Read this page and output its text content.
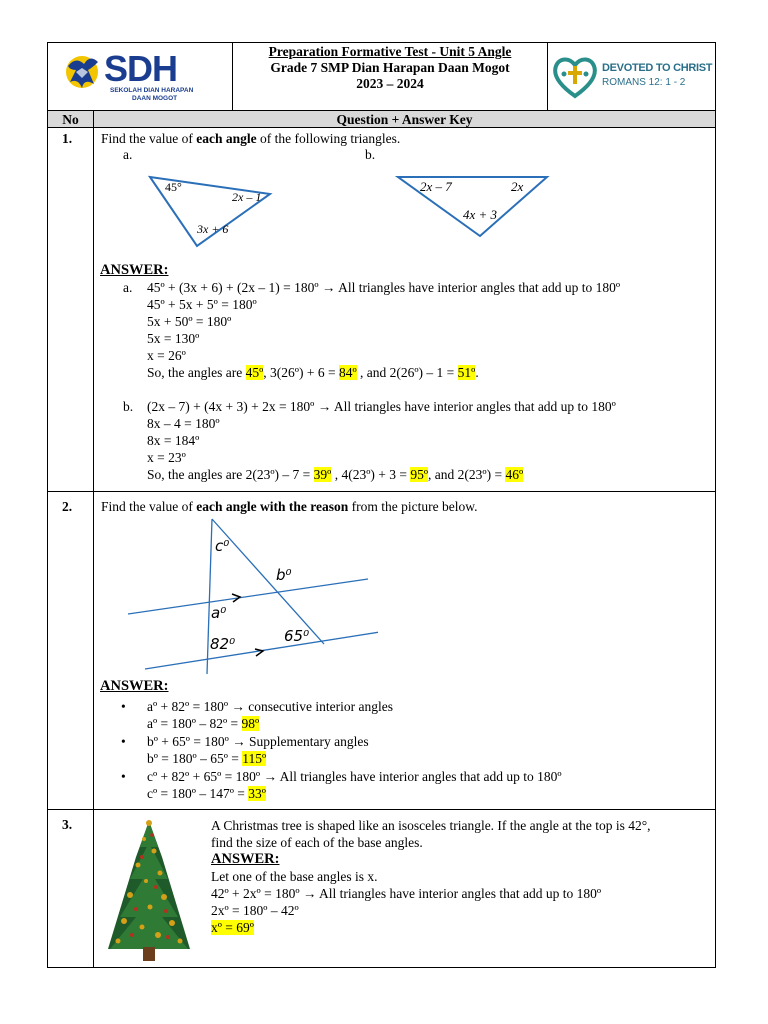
SDH
SEKOLAH DIAN HARAPAN
DAAN MOGOT
Preparation Formative Test - Unit 5 Angle
Grade 7 SMP Dian Harapan Daan Mogot
2023 – 2024
DEVOTED TO CHRIST
ROMANS 12: 1 - 2
No	Question + Answer Key
1. Find the value of each angle of the following triangles.
a.	b.
45°
2x – 1
3x + 6
2x – 7	2x
4x + 3
ANSWER:
a. 45º + (3x + 6) + (2x – 1) = 180º → All triangles have interior angles that add up to 180º
45º + 5x + 5º = 180º
5x + 50º = 180º
5x = 130º
x = 26º
So, the angles are 45º, 3(26º) + 6 = 84º , and 2(26º) – 1 = 51º.
b. (2x – 7) + (4x + 3) + 2x = 180º → All triangles have interior angles that add up to 180º
8x – 4 = 180º
8x = 184º
x = 23º
So, the angles are 2(23º) – 7 = 39º , 4(23º) + 3 = 95º, and 2(23º) = 46º
2. Find the value of each angle with the reason from the picture below.
c⁰
b⁰
a⁰
82⁰	65⁰
ANSWER:
• aº + 82º = 180º → consecutive interior angles
aº = 180º – 82º = 98º
• bº + 65º = 180º → Supplementary angles
bº = 180º – 65º = 115º
• cº + 82º + 65º = 180º → All triangles have interior angles that add up to 180º
cº = 180º – 147º = 33º
3.	A Christmas tree is shaped like an isosceles triangle. If the angle at the top is 42°,
find the size of each of the base angles.
ANSWER:
Let one of the base angles is x.
42º + 2xº = 180º → All triangles have interior angles that add up to 180º
2xº = 180º – 42º
xº = 69º
